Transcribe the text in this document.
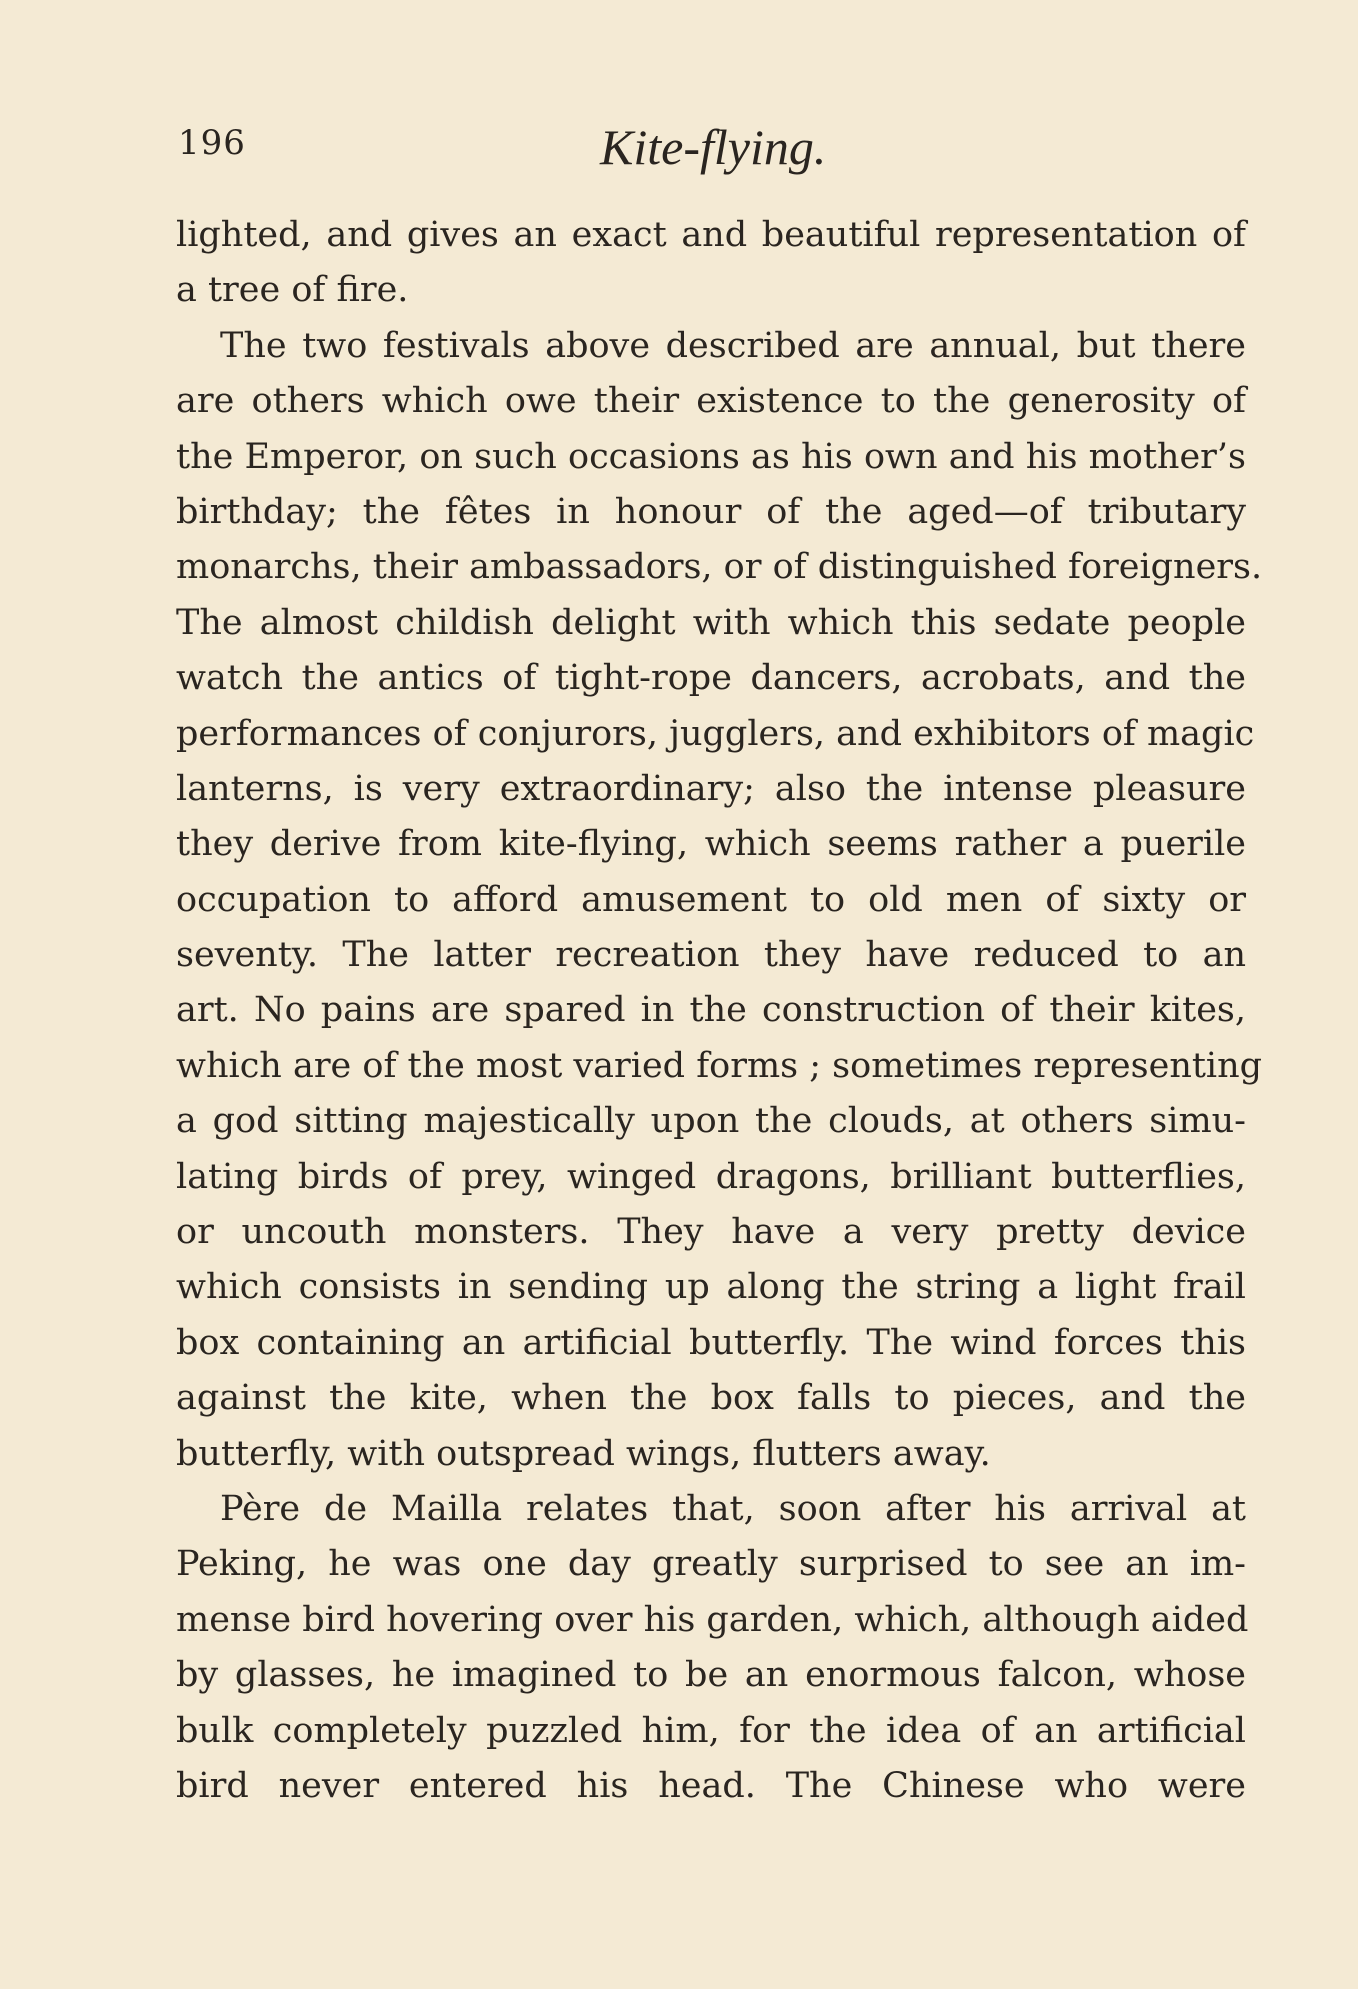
196	Kite-flying.
lighted, and gives an exact and beautiful representation of
a tree of fire.
The two festivals above described are annual, but there
are others which owe their existence to the generosity of
the Emperor, on such occasions as his own and his mother’s
birthday; the fêtes in honour of the aged—of tributary
monarchs, their ambassadors, or of distinguished foreigners.
The almost childish delight with which this sedate people
watch the antics of tight-rope dancers, acrobats, and the
performances of conjurors, jugglers, and exhibitors of magic
lanterns, is very extraordinary; also the intense pleasure
they derive from kite-flying, which seems rather a puerile
occupation to afford amusement to old men of sixty or
seventy. The latter recreation they have reduced to an
art. No pains are spared in the construction of their kites,
which are of the most varied forms ; sometimes representing
a god sitting majestically upon the clouds, at others simu-
lating birds of prey, winged dragons, brilliant butterflies,
or uncouth monsters. They have a very pretty device
which consists in sending up along the string a light frail
box containing an artificial butterfly. The wind forces this
against the kite, when the box falls to pieces, and the
butterfly, with outspread wings, flutters away.
Père de Mailla relates that, soon after his arrival at
Peking, he was one day greatly surprised to see an im-
mense bird hovering over his garden, which, although aided
by glasses, he imagined to be an enormous falcon, whose
bulk completely puzzled him, for the idea of an artificial
bird never entered his head. The Chinese who were
